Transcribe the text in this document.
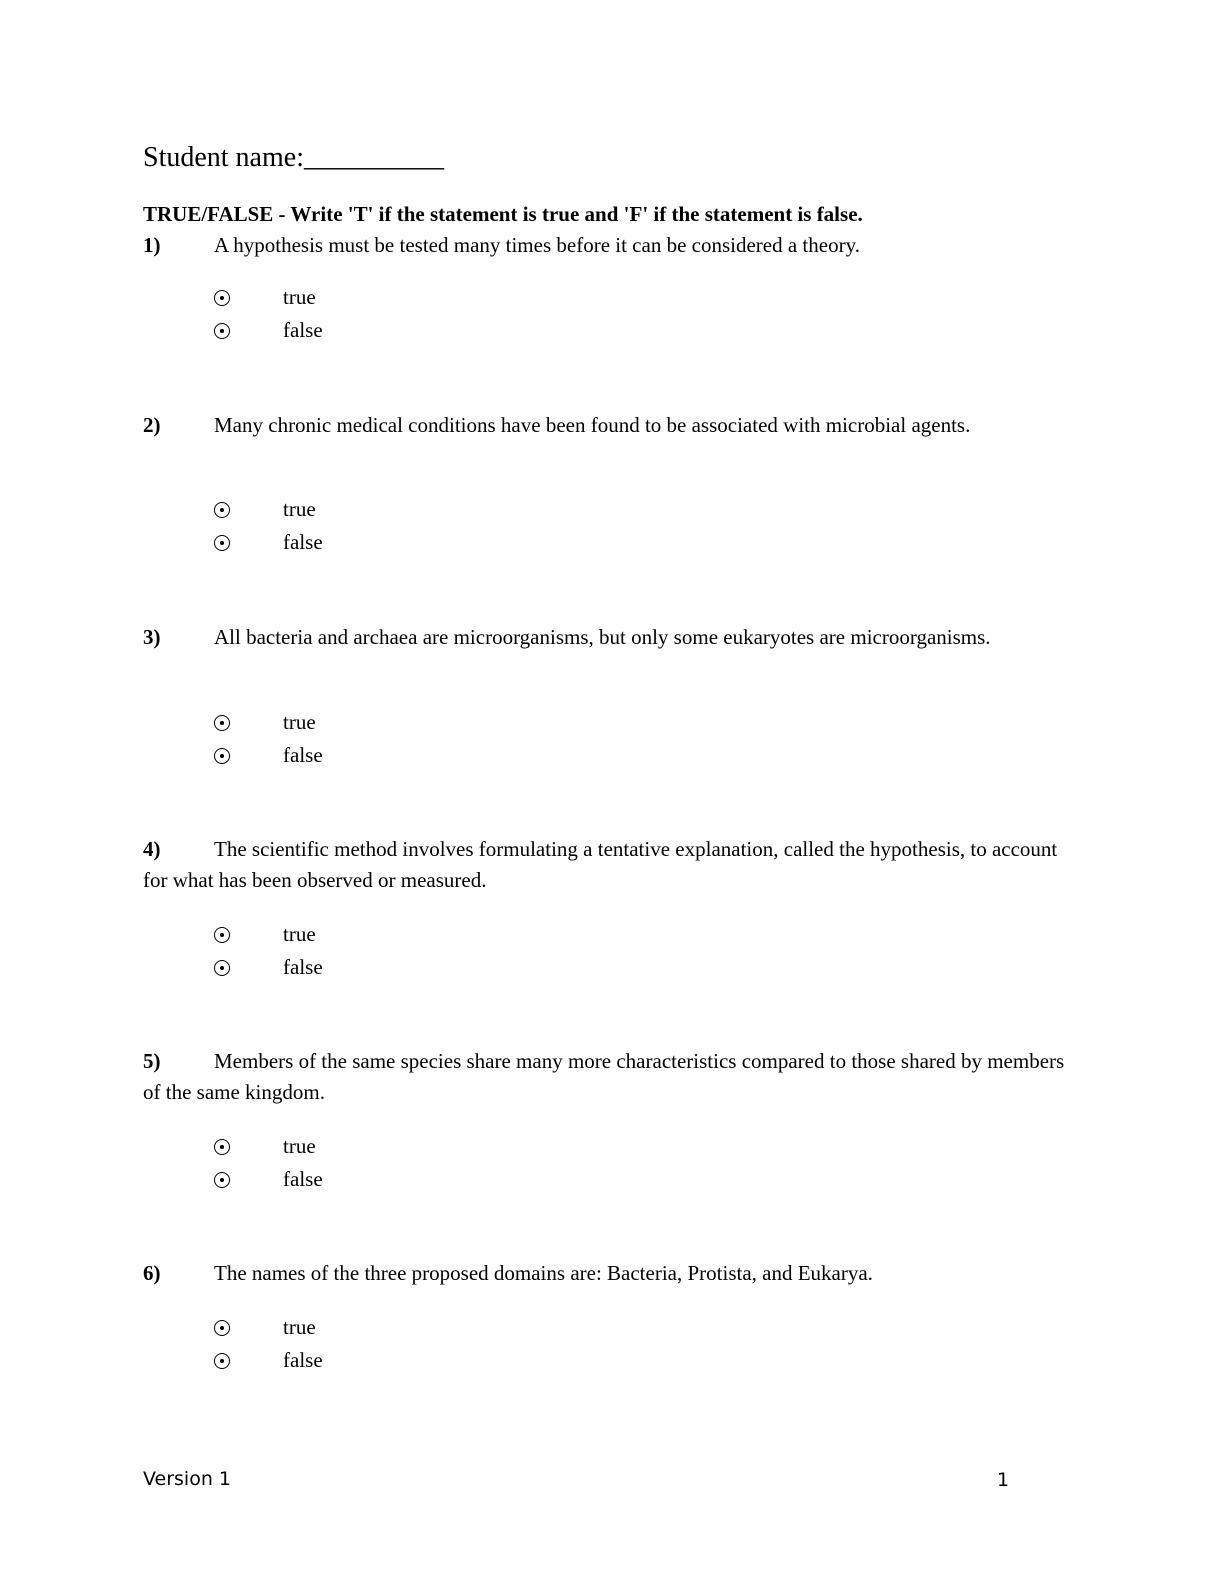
Student name:__________
TRUE/FALSE - Write 'T' if the statement is true and 'F' if the statement is false.
1)	A hypothesis must be tested many times before it can be considered a theory.
true
false
2)	Many chronic medical conditions have been found to be associated with microbial agents.
true
false
3)	All bacteria and archaea are microorganisms, but only some eukaryotes are microorganisms.
true
false
4)	The scientific method involves formulating a tentative explanation, called the hypothesis, to account for what has been observed or measured.
true
false
5)	Members of the same species share many more characteristics compared to those shared by members of the same kingdom.
true
false
6)	The names of the three proposed domains are: Bacteria, Protista, and Eukarya.
true
false
Version 1	1
